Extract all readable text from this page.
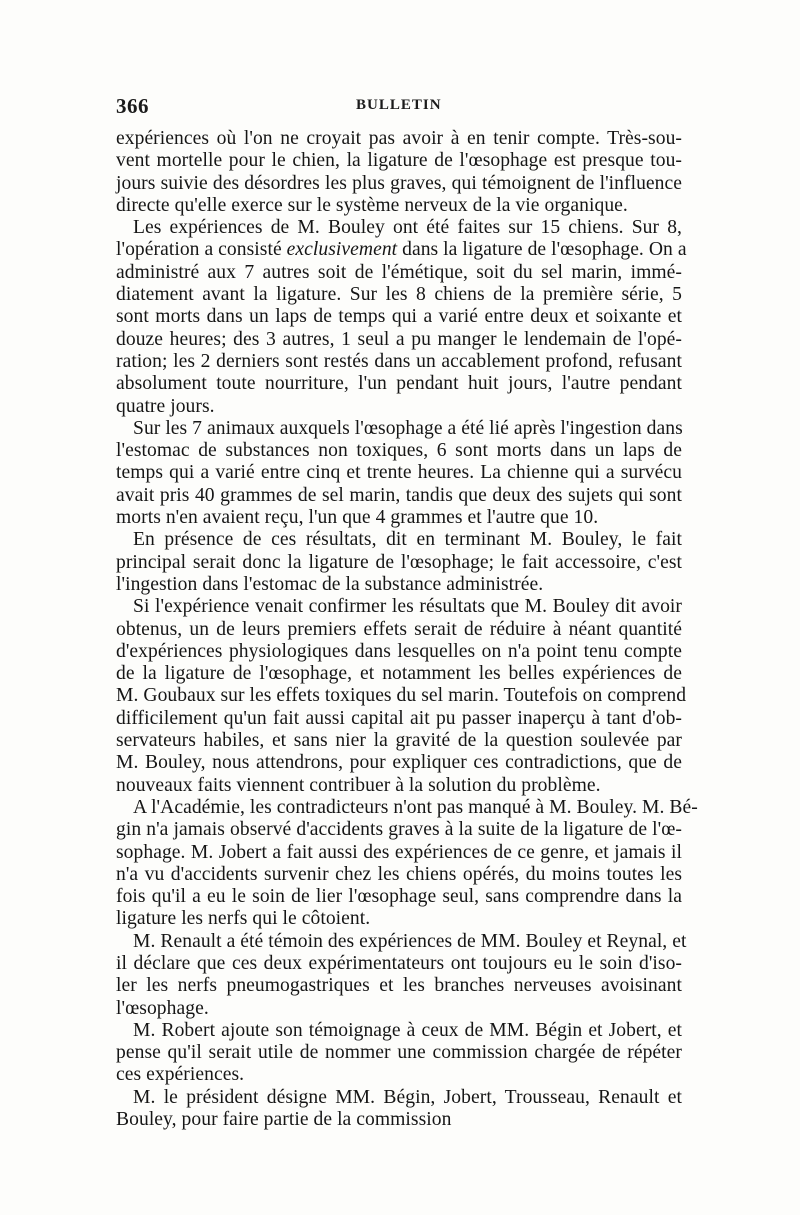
366	BULLETIN
expériences où l'on ne croyait pas avoir à en tenir compte. Très-sou-
vent mortelle pour le chien, la ligature de l'œsophage est presque tou-
jours suivie des désordres les plus graves, qui témoignent de l'influence
directe qu'elle exerce sur le système nerveux de la vie organique.
Les expériences de M. Bouley ont été faites sur 15 chiens. Sur 8,
l'opération a consisté exclusivement dans la ligature de l'œsophage. On a
administré aux 7 autres soit de l'émétique, soit du sel marin, immé-
diatement avant la ligature. Sur les 8 chiens de la première série, 5
sont morts dans un laps de temps qui a varié entre deux et soixante et
douze heures; des 3 autres, 1 seul a pu manger le lendemain de l'opé-
ration; les 2 derniers sont restés dans un accablement profond, refusant
absolument toute nourriture, l'un pendant huit jours, l'autre pendant
quatre jours.
Sur les 7 animaux auxquels l'œsophage a été lié après l'ingestion dans
l'estomac de substances non toxiques, 6 sont morts dans un laps de
temps qui a varié entre cinq et trente heures. La chienne qui a survécu
avait pris 40 grammes de sel marin, tandis que deux des sujets qui sont
morts n'en avaient reçu, l'un que 4 grammes et l'autre que 10.
En présence de ces résultats, dit en terminant M. Bouley, le fait
principal serait donc la ligature de l'œsophage; le fait accessoire, c'est
l'ingestion dans l'estomac de la substance administrée.
Si l'expérience venait confirmer les résultats que M. Bouley dit avoir
obtenus, un de leurs premiers effets serait de réduire à néant quantité
d'expériences physiologiques dans lesquelles on n'a point tenu compte
de la ligature de l'œsophage, et notamment les belles expériences de
M. Goubaux sur les effets toxiques du sel marin. Toutefois on comprend
difficilement qu'un fait aussi capital ait pu passer inaperçu à tant d'ob-
servateurs habiles, et sans nier la gravité de la question soulevée par
M. Bouley, nous attendrons, pour expliquer ces contradictions, que de
nouveaux faits viennent contribuer à la solution du problème.
A l'Académie, les contradicteurs n'ont pas manqué à M. Bouley. M. Bé-
gin n'a jamais observé d'accidents graves à la suite de la ligature de l'œ-
sophage. M. Jobert a fait aussi des expériences de ce genre, et jamais il
n'a vu d'accidents survenir chez les chiens opérés, du moins toutes les
fois qu'il a eu le soin de lier l'œsophage seul, sans comprendre dans la
ligature les nerfs qui le côtoient.
M. Renault a été témoin des expériences de MM. Bouley et Reynal, et
il déclare que ces deux expérimentateurs ont toujours eu le soin d'iso-
ler les nerfs pneumogastriques et les branches nerveuses avoisinant
l'œsophage.
M. Robert ajoute son témoignage à ceux de MM. Bégin et Jobert, et
pense qu'il serait utile de nommer une commission chargée de répéter
ces expériences.
M. le président désigne MM. Bégin, Jobert, Trousseau, Renault et
Bouley, pour faire partie de la commission
